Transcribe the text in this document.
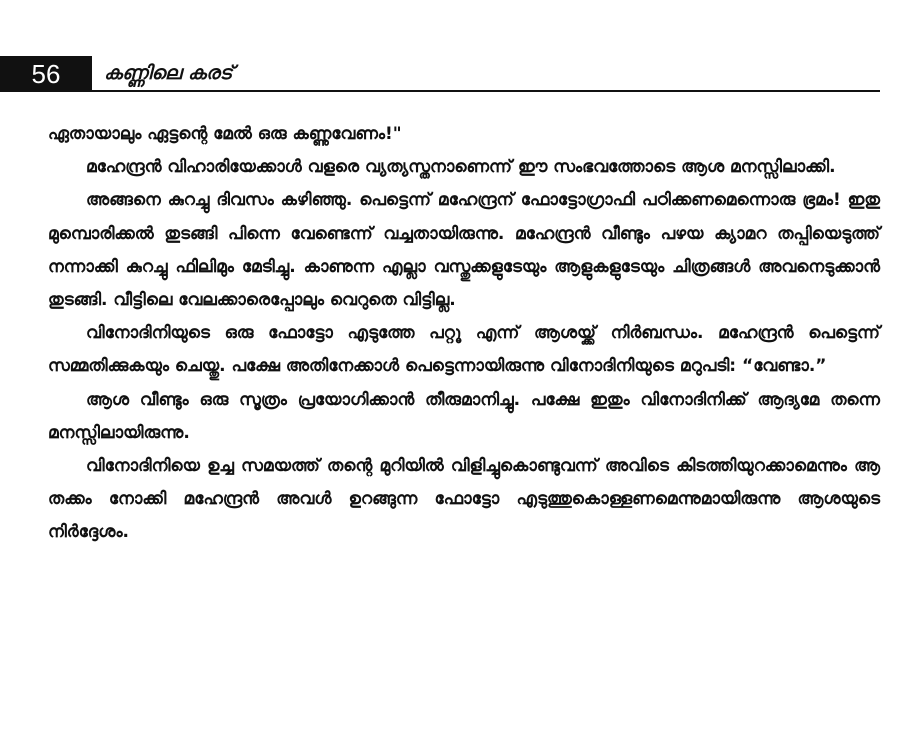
56	കണ്ണിലെ കരട്

ഏതായാലും ഏട്ടന്റെ മേൽ ഒരു കണ്ണുവേണം!"

മഹേന്ദ്രൻ വിഹാരിയേക്കാൾ വളരെ വ്യത്യസ്തനാണെന്ന് ഈ സംഭവത്തോടെ ആശ മനസ്സിലാക്കി.

അങ്ങനെ കുറച്ചു ദിവസം കഴിഞ്ഞു. പെട്ടെന്ന് മഹേന്ദ്രന് ഫോട്ടോഗ്രാഫി പഠിക്കണമെന്നൊരു ഭ്രമം! ഇതു മുമ്പൊരിക്കൽ തുടങ്ങി പിന്നെ വേണ്ടെന്ന് വച്ചതായിരുന്നു. മഹേന്ദ്രൻ വീണ്ടും പഴയ ക്യാമറ തപ്പിയെടുത്ത് നന്നാക്കി കുറച്ചു ഫിലിമും മേടിച്ചു. കാണുന്ന എല്ലാ വസ്തുക്കളുടേയും ആളുകളുടേയും ചിത്രങ്ങൾ അവനെടുക്കാൻ തുടങ്ങി. വീട്ടിലെ വേലക്കാരെപ്പോലും വെറുതെ വിട്ടില്ല.

വിനോദിനിയുടെ ഒരു ഫോട്ടോ എടുത്തേ പറ്റൂ എന്ന് ആശയ്ക്ക് നിർബന്ധം. മഹേന്ദ്രൻ പെട്ടെന്ന് സമ്മതിക്കുകയും ചെയ്തു. പക്ഷേ അതിനേക്കാൾ പെട്ടെന്നായിരുന്നു വിനോദിനിയുടെ മറുപടി: “വേണ്ടാ.”

ആശ വീണ്ടും ഒരു സൂത്രം പ്രയോഗിക്കാൻ തീരുമാനിച്ചു. പക്ഷേ ഇതും വിനോദിനിക്ക് ആദ്യമേ തന്നെ മനസ്സിലായിരുന്നു.

വിനോദിനിയെ ഉച്ച സമയത്ത് തന്റെ മുറിയിൽ വിളിച്ചുകൊണ്ടുവന്ന് അവിടെ കിടത്തിയുറക്കാമെന്നും ആ തക്കം നോക്കി മഹേന്ദ്രൻ അവൾ ഉറങ്ങുന്ന ഫോട്ടോ എടുത്തുകൊള്ളണമെന്നുമായിരുന്നു ആശയുടെ നിർദ്ദേശം.
